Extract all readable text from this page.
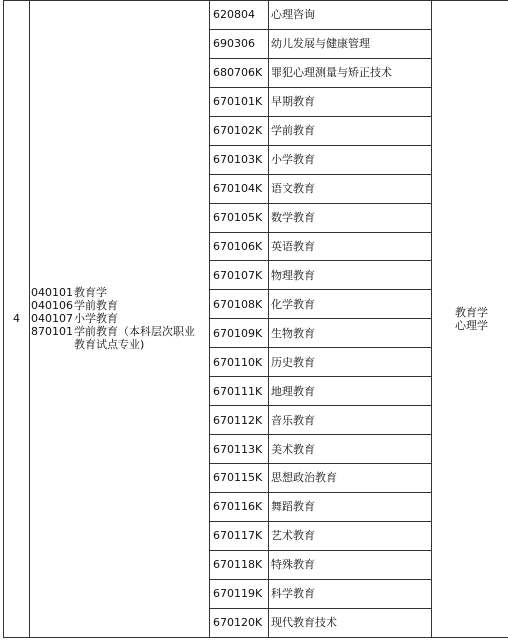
4	040101教育学
040106学前教育
040107小学教育
870101学前教育（本科层次职业
教育试点专业)	620804	心理咨询	教育学
心理学

		690306	幼儿发展与健康管理	
		680706K	罪犯心理测量与矫正技术	
		670101K	早期教育	
		670102K	学前教育	
		670103K	小学教育	
		670104K	语文教育	
		670105K	数学教育	
		670106K	英语教育	
		670107K	物理教育	
		670108K	化学教育	
		670109K	生物教育	
		670110K	历史教育	
		670111K	地理教育	
		670112K	音乐教育	
		670113K	美术教育	
		670115K	思想政治教育	
		670116K	舞蹈教育	
		670117K	艺术教育	
		670118K	特殊教育	
		670119K	科学教育	
		670120K	现代教育技术	
